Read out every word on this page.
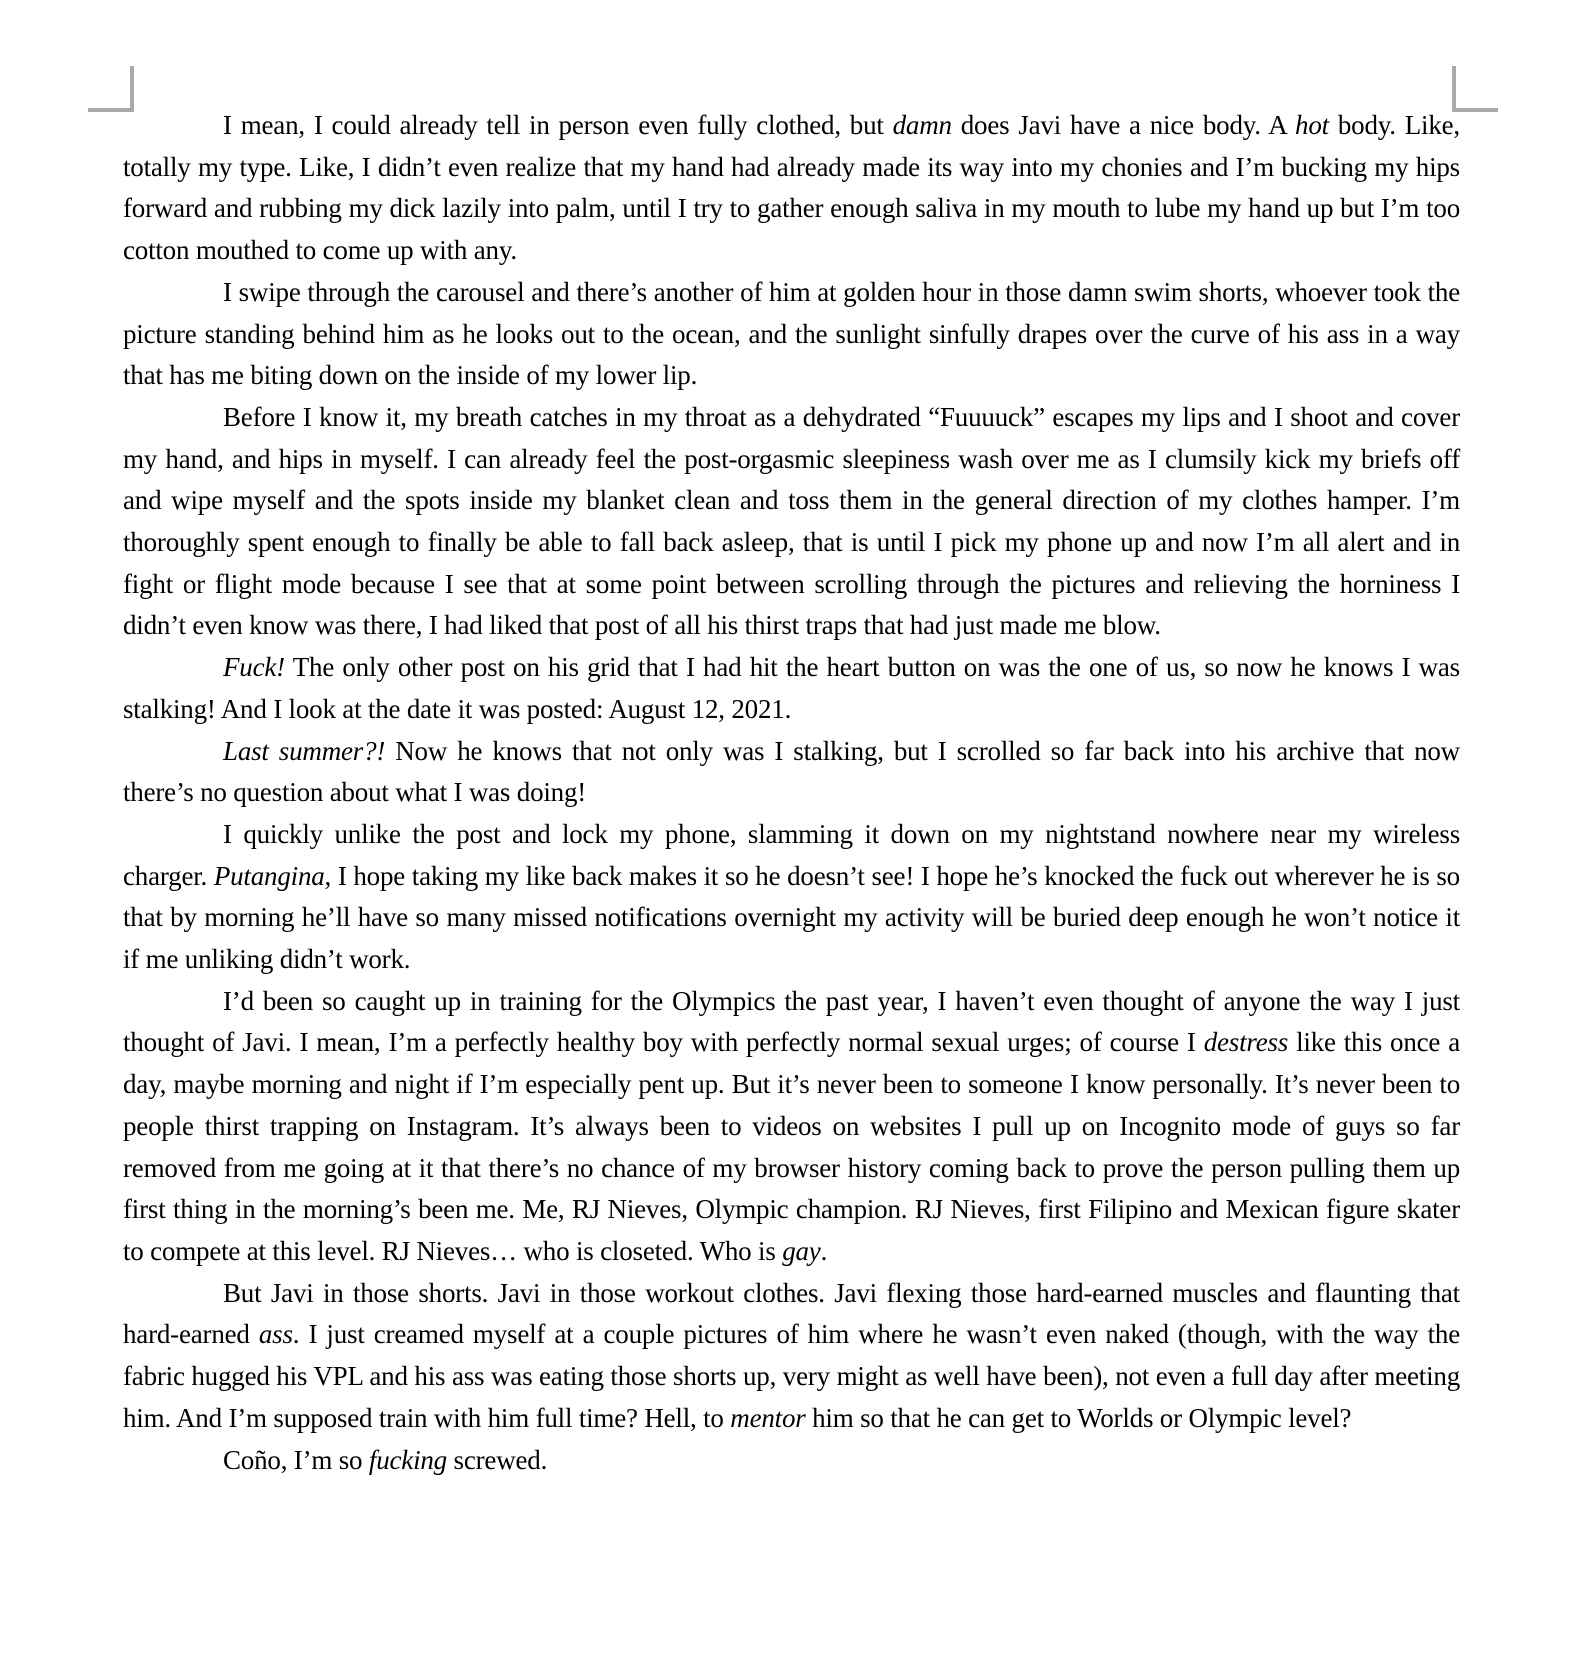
I mean, I could already tell in person even fully clothed, but damn does Javi have a nice body. A hot body. Like, totally my type. Like, I didn’t even realize that my hand had already made its way into my chonies and I’m bucking my hips forward and rubbing my dick lazily into palm, until I try to gather enough saliva in my mouth to lube my hand up but I’m too cotton mouthed to come up with any.

I swipe through the carousel and there’s another of him at golden hour in those damn swim shorts, whoever took the picture standing behind him as he looks out to the ocean, and the sunlight sinfully drapes over the curve of his ass in a way that has me biting down on the inside of my lower lip.

Before I know it, my breath catches in my throat as a dehydrated “Fuuuuck” escapes my lips and I shoot and cover my hand, and hips in myself. I can already feel the post-orgasmic sleepiness wash over me as I clumsily kick my briefs off and wipe myself and the spots inside my blanket clean and toss them in the general direction of my clothes hamper. I’m thoroughly spent enough to finally be able to fall back asleep, that is until I pick my phone up and now I’m all alert and in fight or flight mode because I see that at some point between scrolling through the pictures and relieving the horniness I didn’t even know was there, I had liked that post of all his thirst traps that had just made me blow.

Fuck! The only other post on his grid that I had hit the heart button on was the one of us, so now he knows I was stalking! And I look at the date it was posted: August 12, 2021.

Last summer?! Now he knows that not only was I stalking, but I scrolled so far back into his archive that now there’s no question about what I was doing!

I quickly unlike the post and lock my phone, slamming it down on my nightstand nowhere near my wireless charger. Putangina, I hope taking my like back makes it so he doesn’t see! I hope he’s knocked the fuck out wherever he is so that by morning he’ll have so many missed notifications overnight my activity will be buried deep enough he won’t notice it if me unliking didn’t work.

I’d been so caught up in training for the Olympics the past year, I haven’t even thought of anyone the way I just thought of Javi. I mean, I’m a perfectly healthy boy with perfectly normal sexual urges; of course I destress like this once a day, maybe morning and night if I’m especially pent up. But it’s never been to someone I know personally. It’s never been to people thirst trapping on Instagram. It’s always been to videos on websites I pull up on Incognito mode of guys so far removed from me going at it that there’s no chance of my browser history coming back to prove the person pulling them up first thing in the morning’s been me. Me, RJ Nieves, Olympic champion. RJ Nieves, first Filipino and Mexican figure skater to compete at this level. RJ Nieves… who is closeted. Who is gay.

But Javi in those shorts. Javi in those workout clothes. Javi flexing those hard-earned muscles and flaunting that hard-earned ass. I just creamed myself at a couple pictures of him where he wasn’t even naked (though, with the way the fabric hugged his VPL and his ass was eating those shorts up, very might as well have been), not even a full day after meeting him. And I’m supposed train with him full time? Hell, to mentor him so that he can get to Worlds or Olympic level?

Coño, I’m so fucking screwed.
